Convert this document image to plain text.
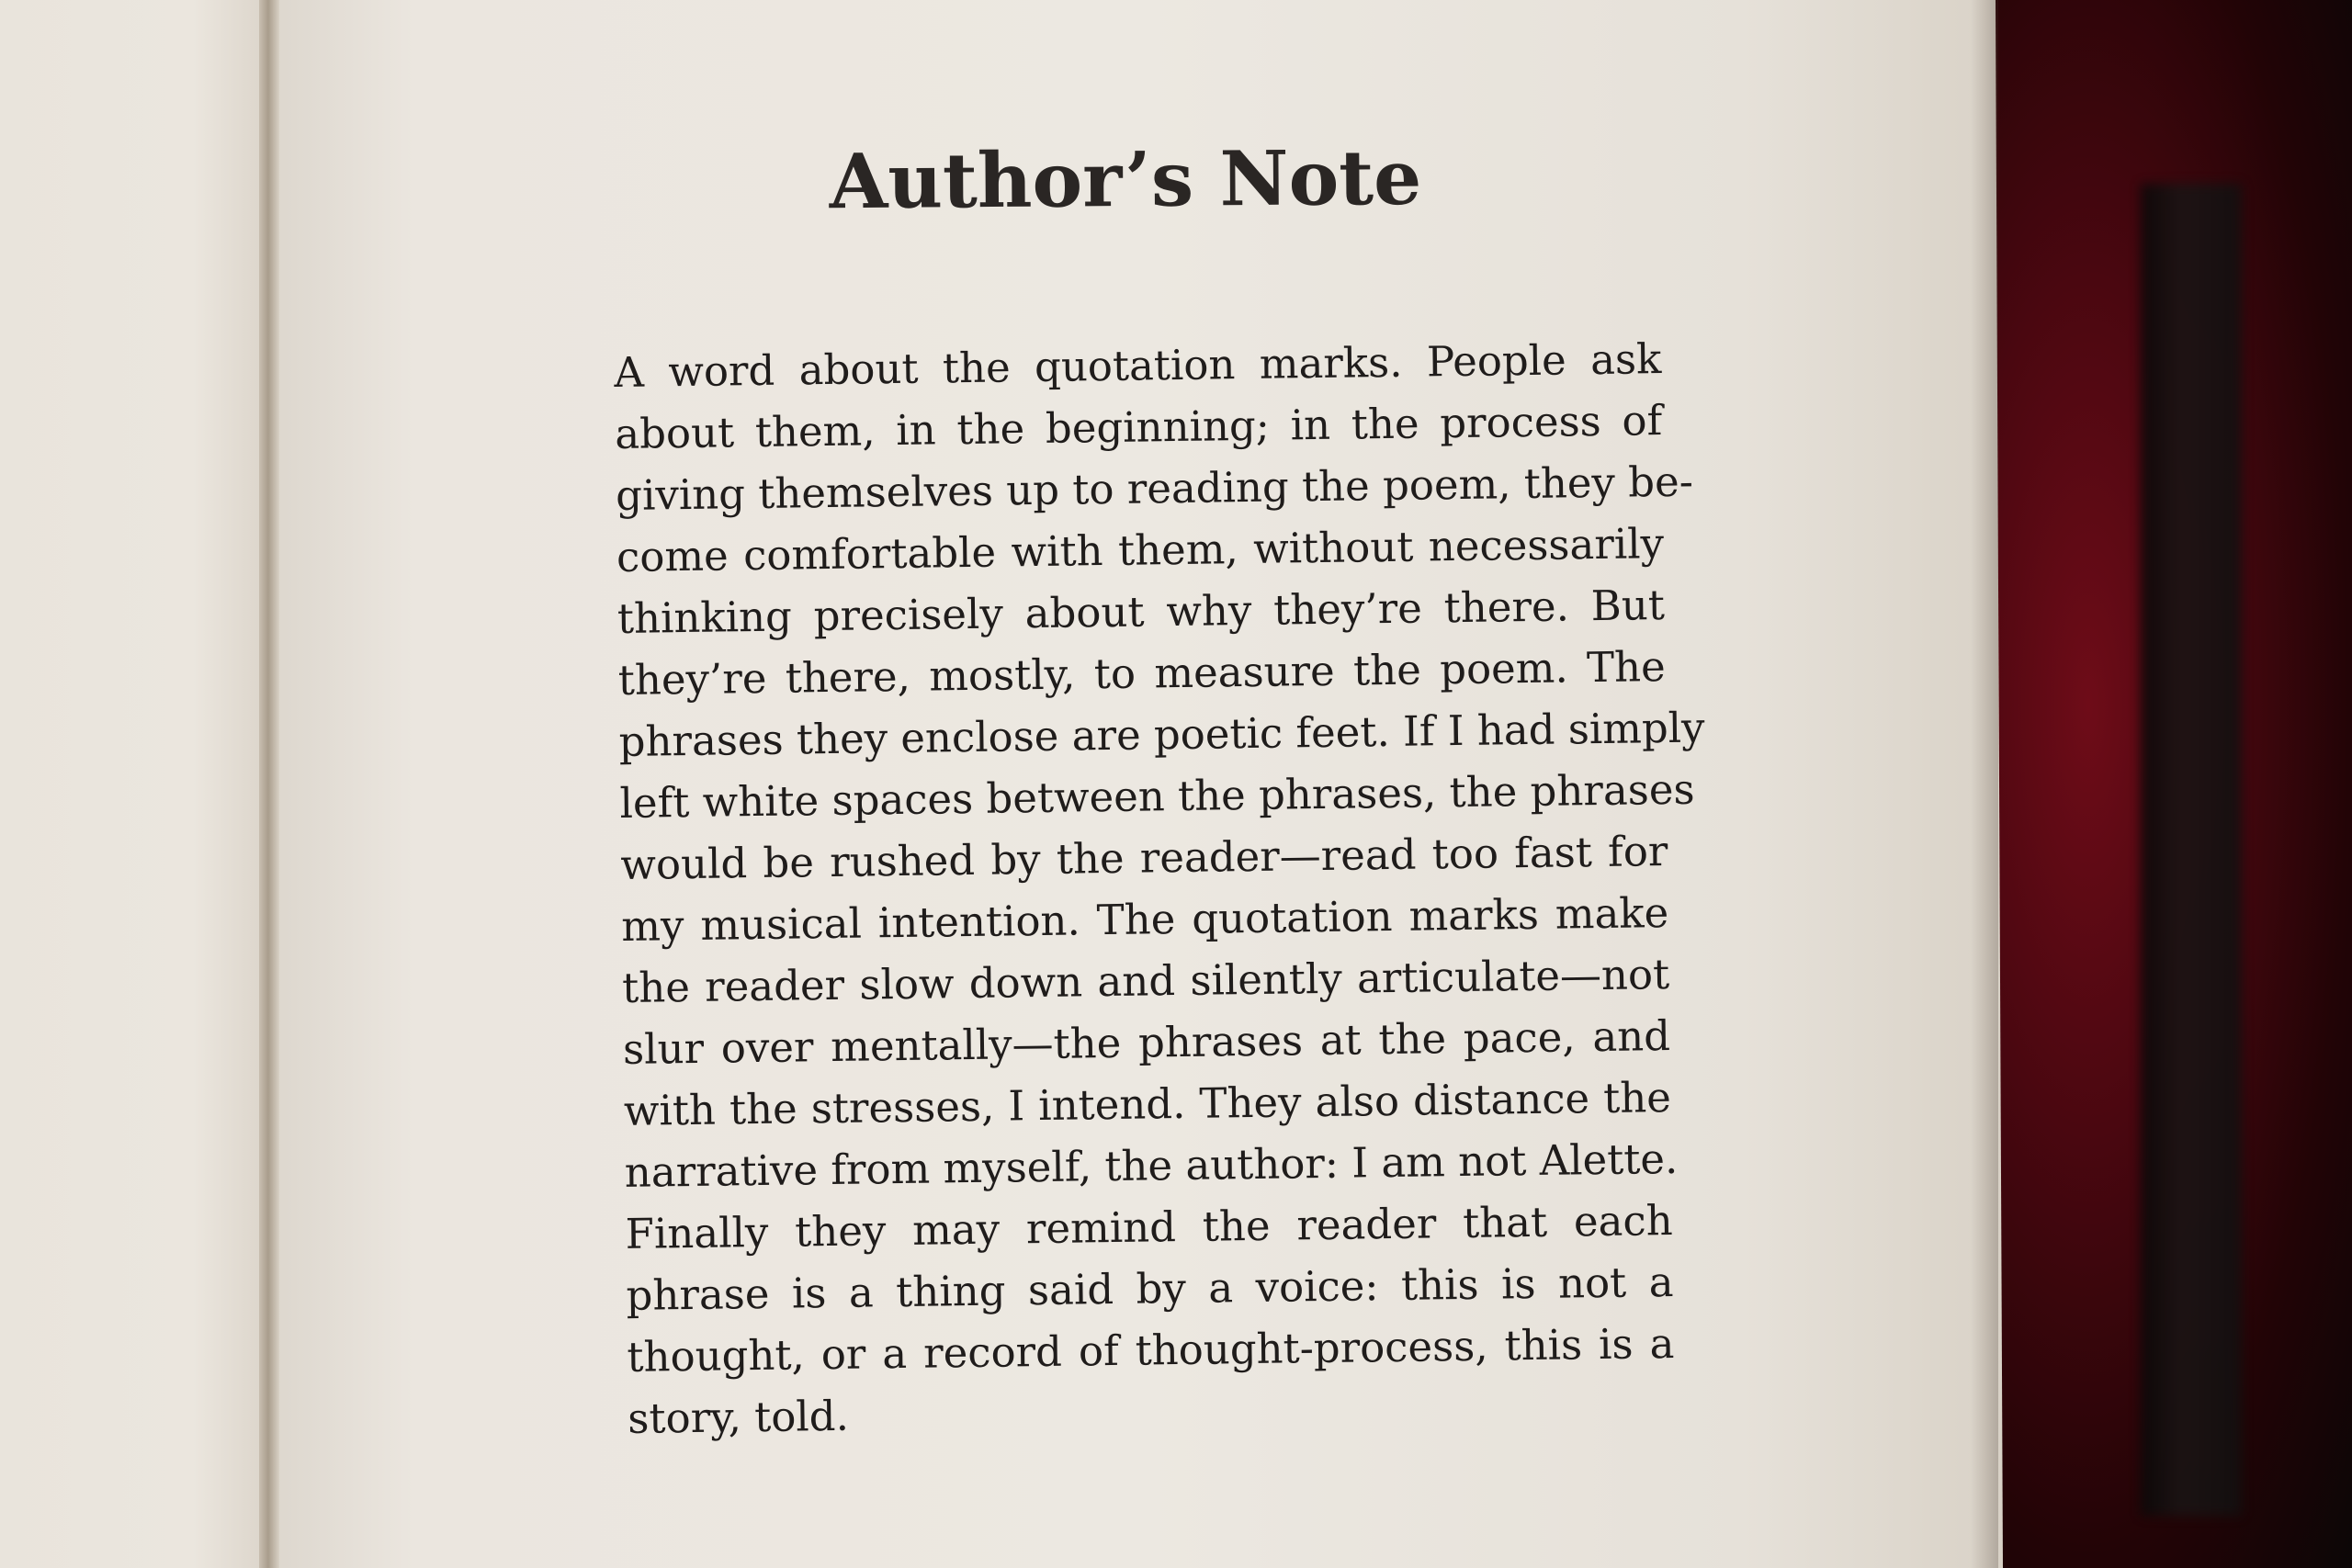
Author’s Note
A word about the quotation marks. People ask
about them, in the beginning; in the process of
giving themselves up to reading the poem, they be-
come comfortable with them, without necessarily
thinking precisely about why they’re there. But
they’re there, mostly, to measure the poem. The
phrases they enclose are poetic feet. If I had simply
left white spaces between the phrases, the phrases
would be rushed by the reader—read too fast for
my musical intention. The quotation marks make
the reader slow down and silently articulate—not
slur over mentally—the phrases at the pace, and
with the stresses, I intend. They also distance the
narrative from myself, the author: I am not Alette.
Finally they may remind the reader that each
phrase is a thing said by a voice: this is not a
thought, or a record of thought-process, this is a
story, told.
